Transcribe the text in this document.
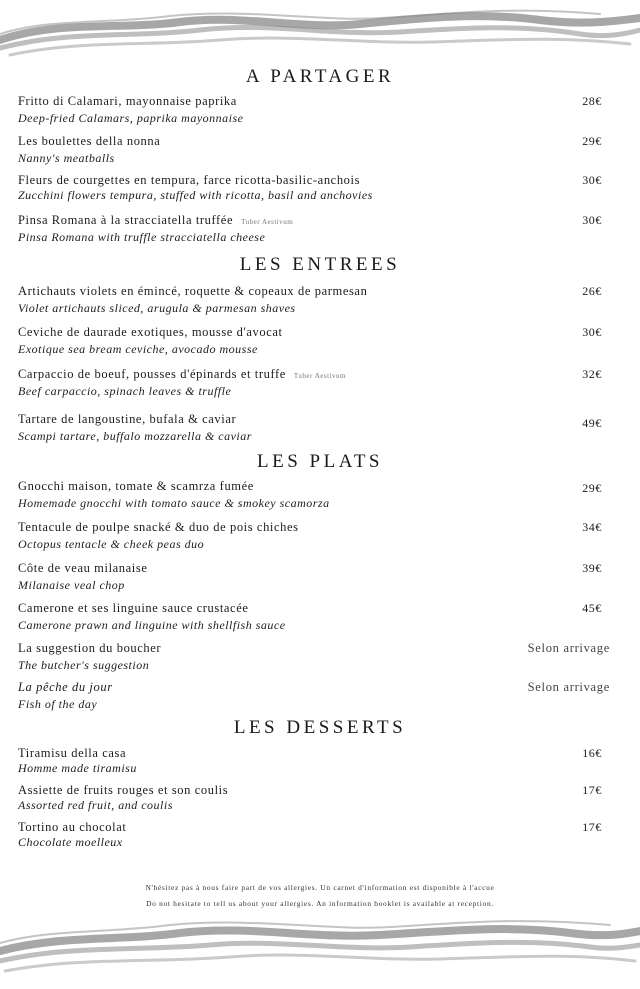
A PARTAGER
Fritto di Calamari, mayonnaise paprika
Deep-fried Calamars, paprika mayonnaise
28€
Les boulettes della nonna
Nanny's meatballs
29€
Fleurs de courgettes en tempura, farce ricotta-basilic-anchois
Zucchini flowers tempura, stuffed with ricotta, basil and anchovies
30€
Pinsa Romana à la stracciatella truffée Tuber Aestivum
Pinsa Romana with truffle stracciatella cheese
30€
LES ENTREES
Artichauts violets en émincé, roquette & copeaux de parmesan
Violet artichauts sliced, arugula & parmesan shaves
26€
Ceviche de daurade exotiques, mousse d'avocat
Exotique sea bream ceviche, avocado mousse
30€
Carpaccio de boeuf, pousses d'épinards et truffe Tuber Aestivum
Beef carpaccio, spinach leaves & truffle
32€
Tartare de langoustine, bufala & caviar
Scampi tartare, buffalo mozzarella & caviar
49€
LES PLATS
Gnocchi maison, tomate & scamrza fumée
Homemade gnocchi with tomato sauce & smokey scamorza
29€
Tentacule de poulpe snacké & duo de pois chiches
Octopus tentacle & cheek peas duo
34€
Côte de veau milanaise
Milanaise veal chop
39€
Camerone et ses linguine sauce crustacée
Camerone prawn and linguine with shellfish sauce
45€
La suggestion du boucher
The butcher's suggestion
Selon arrivage
La pêche du jour
Fish of the day
Selon arrivage
LES DESSERTS
Tiramisu della casa
Homme made tiramisu
16€
Assiette de fruits rouges et son coulis
Assorted red fruit, and coulis
17€
Tortino au chocolat
Chocolate moelleux
17€
N'hésitez pas à nous faire part de vos allergies. Un carnet d'information est disponible à l'accue
Do not hesitate to tell us about your allergies. An information booklet is available at reception.
